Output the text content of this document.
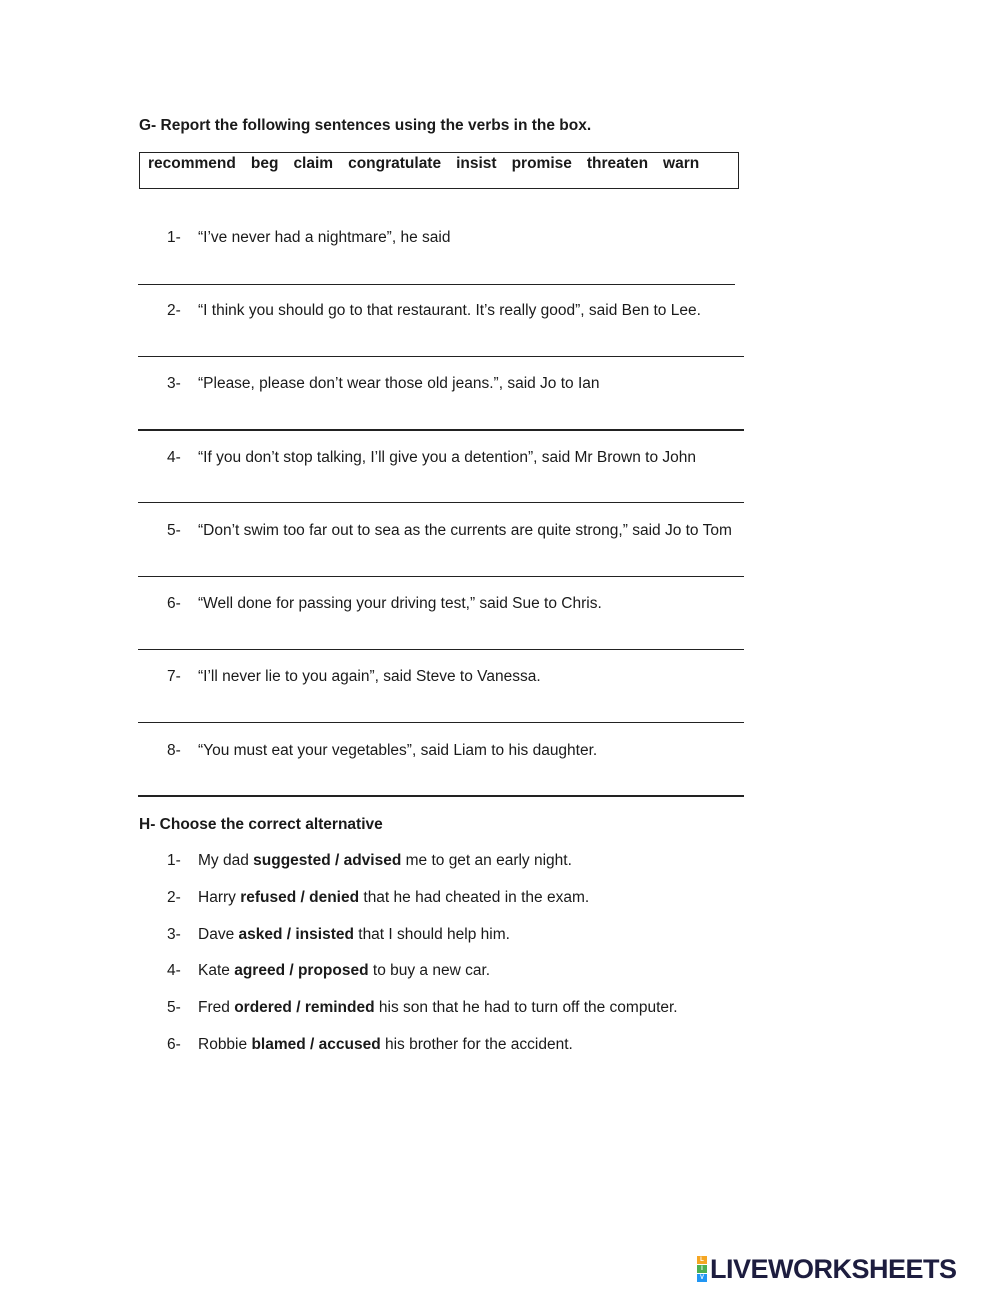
G- Report the following sentences using the verbs in the box.
recommend beg claim congratulate insist promise threaten warn
1- “I’ve never had a nightmare”, he said
2- “I think you should go to that restaurant. It’s really good”, said Ben to Lee.
3- “Please, please don’t wear those old jeans.”, said Jo to Ian
4- “If you don’t stop talking, I’ll give you a detention”, said Mr Brown to John
5- “Don’t swim too far out to sea as the currents are quite strong,” said Jo to Tom
6- “Well done for passing your driving test,” said Sue to Chris.
7- “I’ll never lie to you again”, said Steve to Vanessa.
8- “You must eat your vegetables”, said Liam to his daughter.
H- Choose the correct alternative
1- My dad suggested / advised me to get an early night.
2- Harry refused / denied that he had cheated in the exam.
3- Dave asked / insisted that I should help him.
4- Kate agreed / proposed to buy a new car.
5- Fred ordered / reminded his son that he had to turn off the computer.
6- Robbie blamed / accused his brother for the accident.
L
I
V LIVEWORKSHEETS
